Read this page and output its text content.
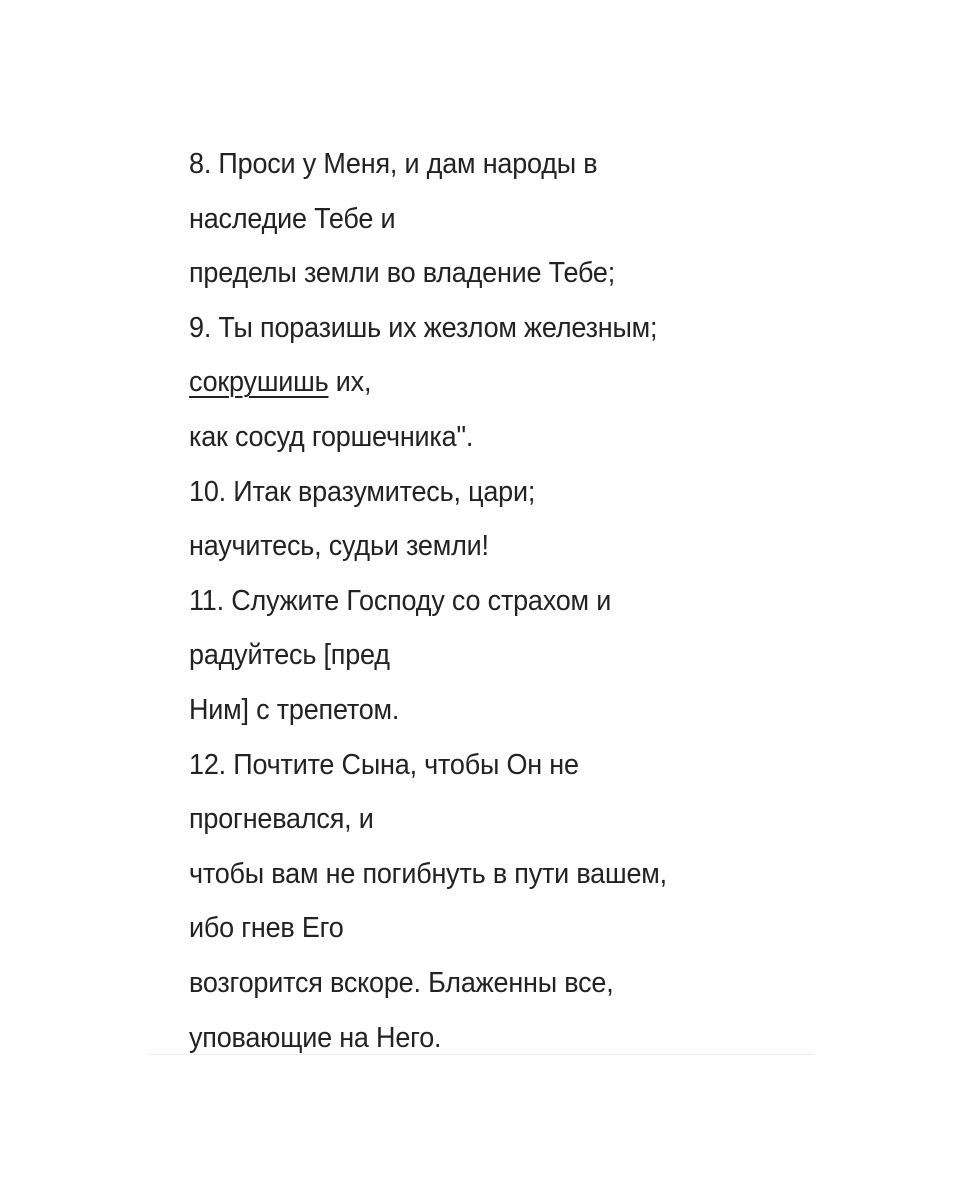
8. Проси у Меня, и дам народы в
наследие Тебе и
пределы земли во владение Тебе;
9. Ты поразишь их жезлом железным;
сокрушишь их,
как сосуд горшечника".
10. Итак вразумитесь, цари;
научитесь, судьи земли!
11. Служите Господу со страхом и
радуйтесь [пред
Ним] с трепетом.
12. Почтите Сына, чтобы Он не
прогневался, и
чтобы вам не погибнуть в пути вашем,
ибо гнев Его
возгорится вскоре. Блаженны все,
уповающие на Него.
